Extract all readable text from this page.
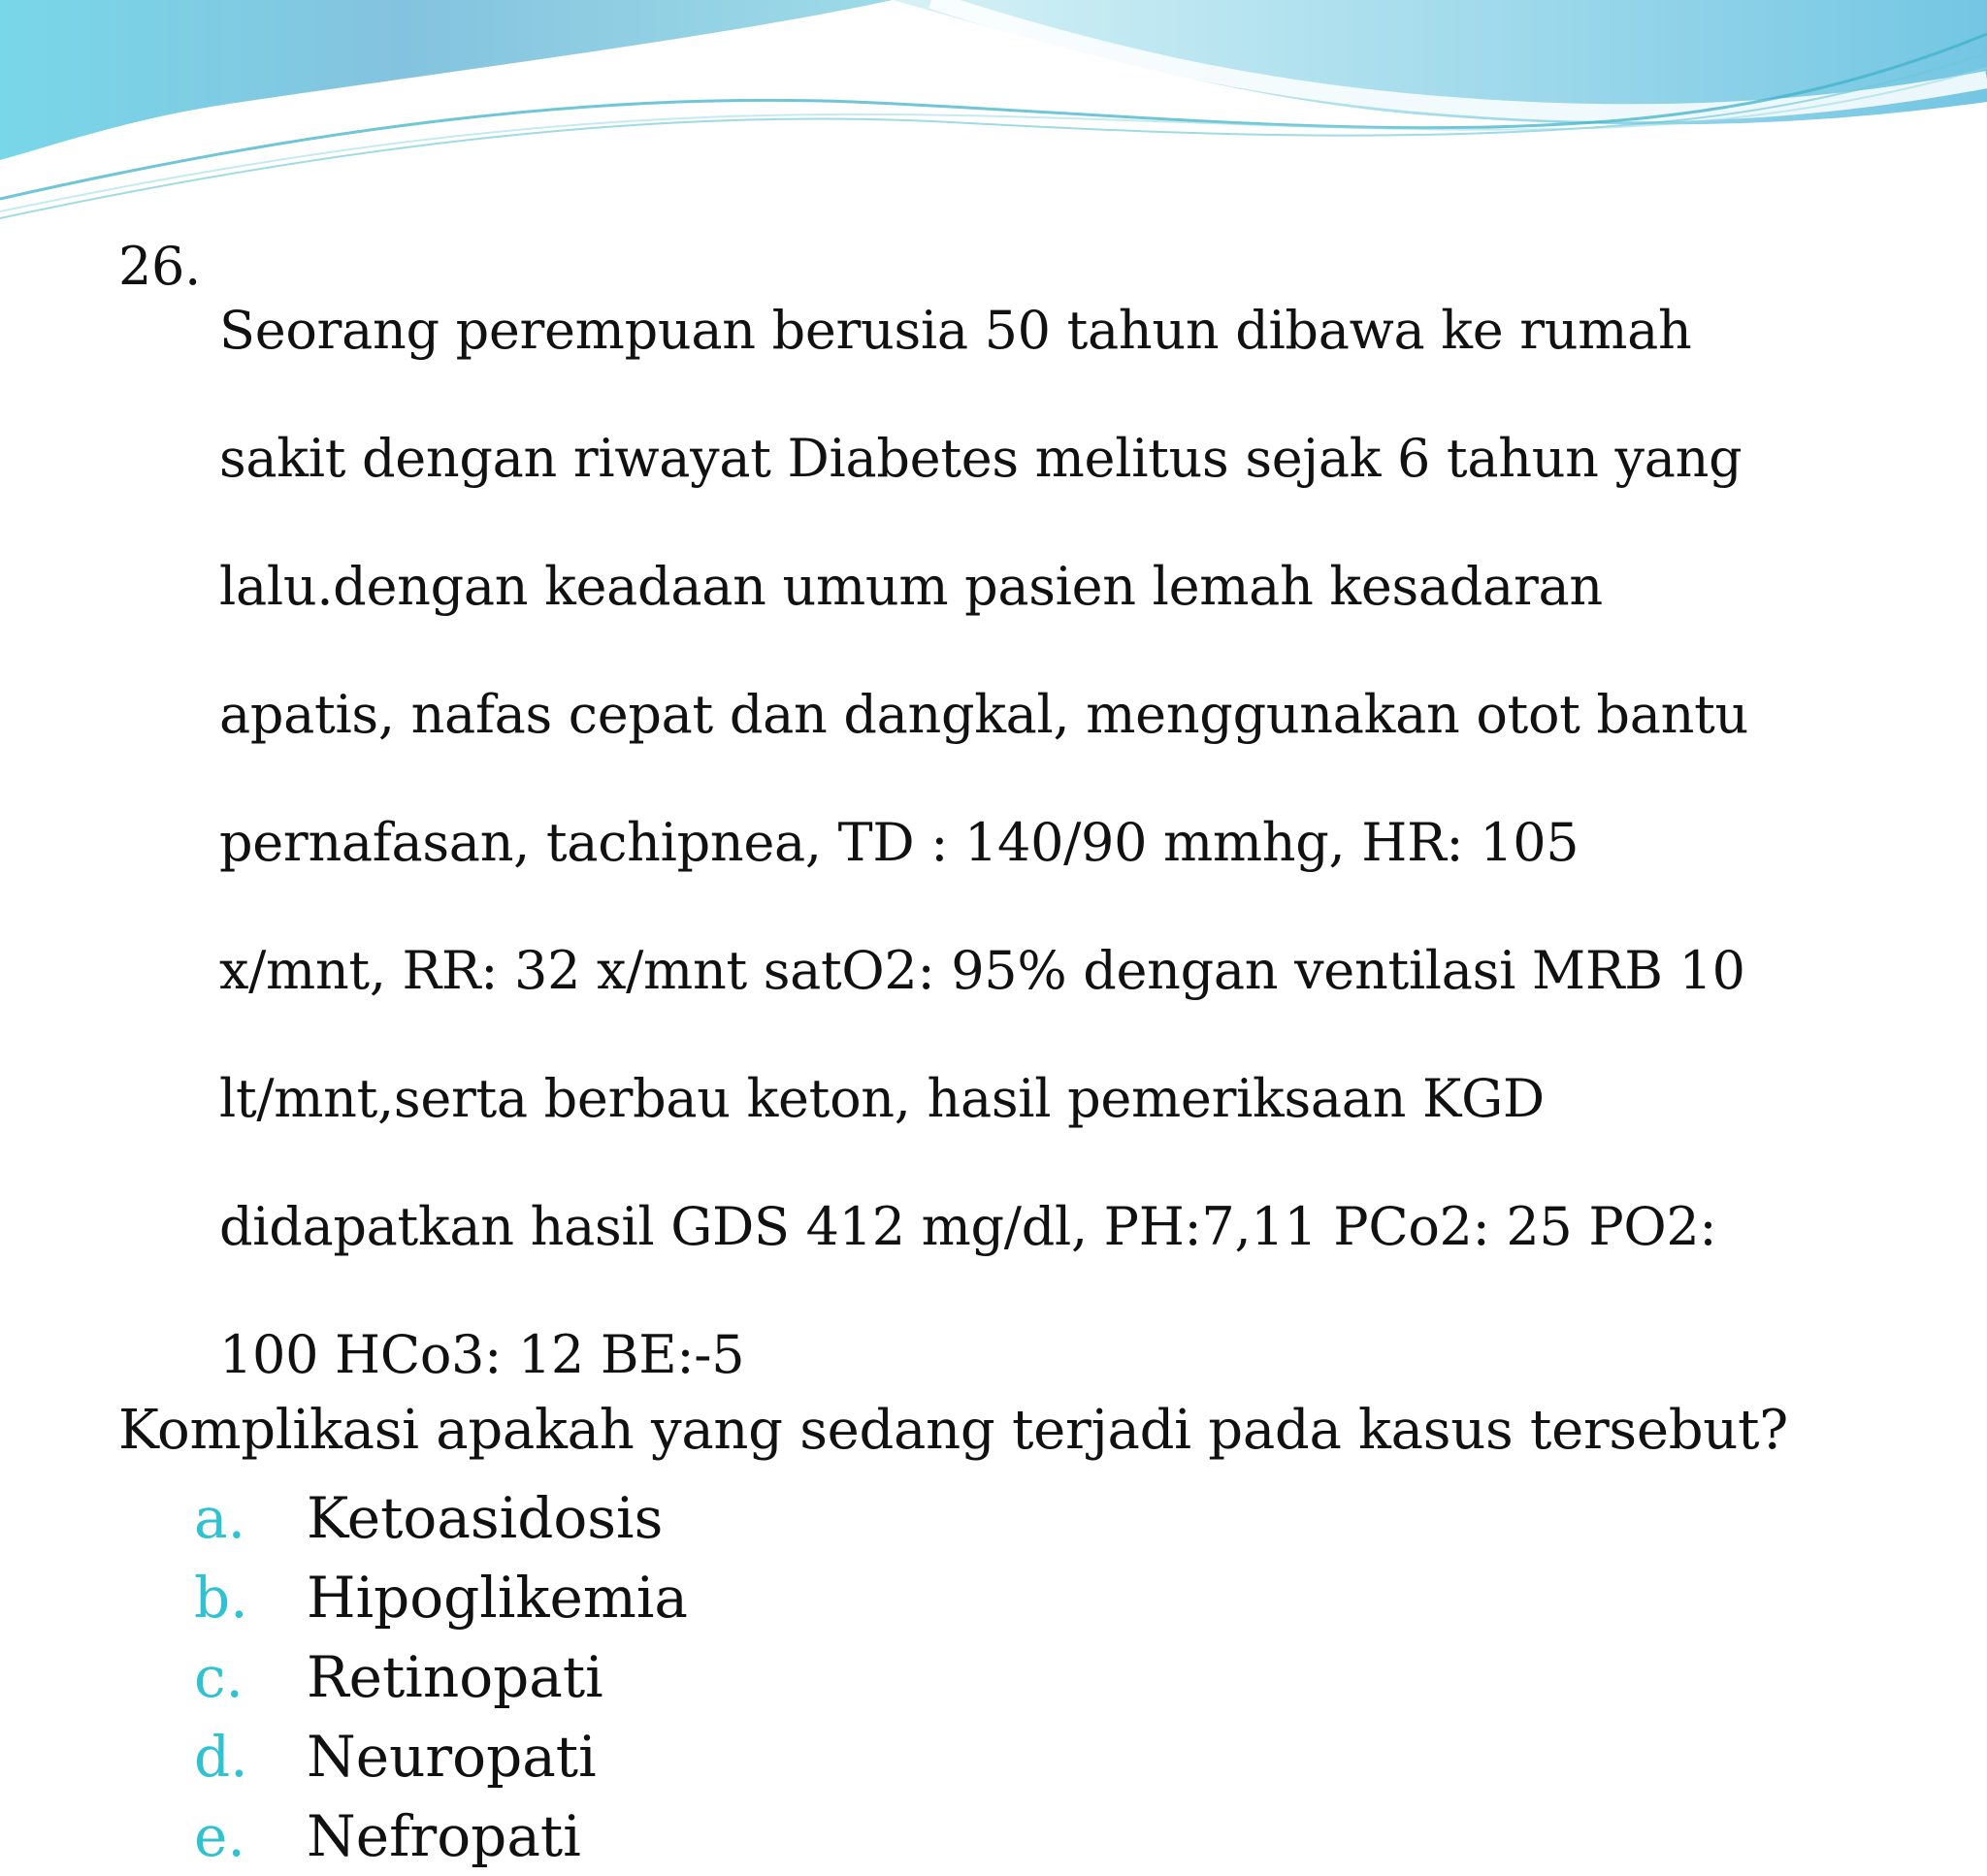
26.

Seorang perempuan berusia 50 tahun dibawa ke rumah

sakit dengan riwayat Diabetes melitus sejak 6 tahun yang

lalu.dengan keadaan umum pasien lemah kesadaran

apatis, nafas cepat dan dangkal, menggunakan otot bantu

pernafasan, tachipnea, TD : 140/90 mmhg, HR: 105

x/mnt, RR: 32 x/mnt satO2: 95% dengan ventilasi MRB 10

lt/mnt,serta berbau keton, hasil pemeriksaan KGD

didapatkan hasil GDS 412 mg/dl, PH:7,11 PCo2: 25 PO2:

100 HCo3: 12 BE:-5

Komplikasi apakah yang sedang terjadi pada kasus tersebut?
a. Ketoasidosis
b. Hipoglikemia
c. Retinopati
d. Neuropati
e. Nefropati
